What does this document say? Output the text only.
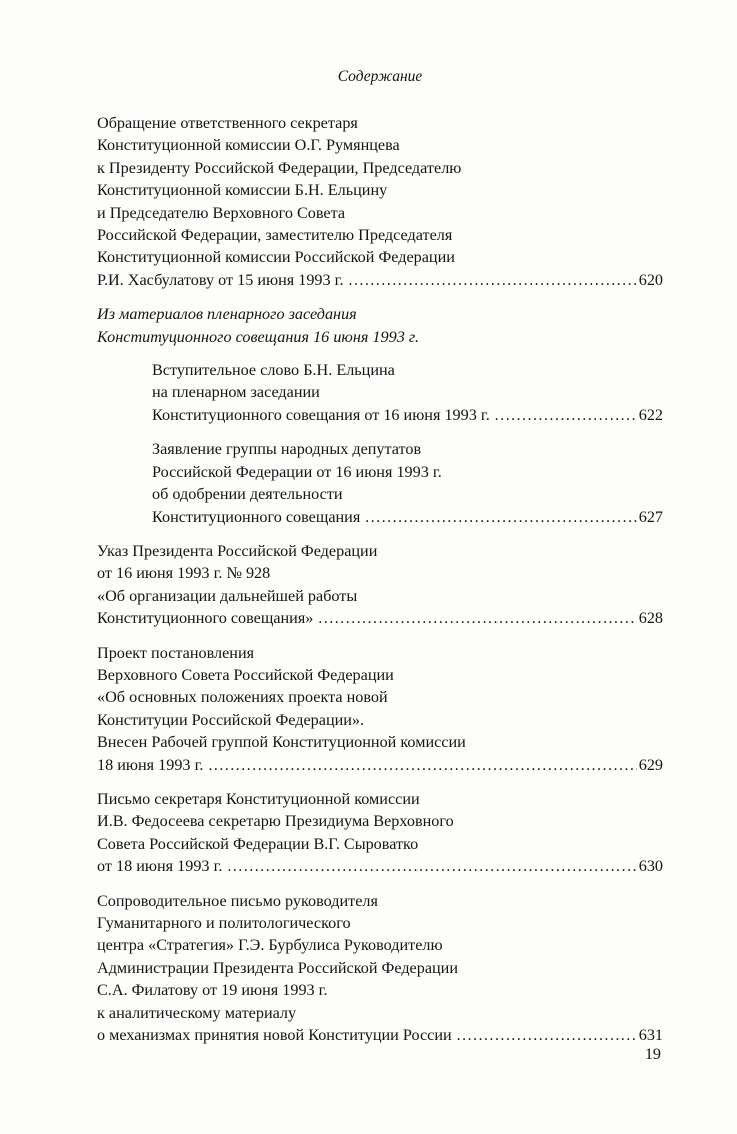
Содержание
Обращение ответственного секретаря
Конституционной комиссии О.Г. Румянцева
к Президенту Российской Федерации, Председателю
Конституционной комиссии Б.Н. Ельцину
и Председателю Верховного Совета
Российской Федерации, заместителю Председателя
Конституционной комиссии Российской Федерации
Р.И. Хасбулатову от 15 июня 1993 г. .....	620
Из материалов пленарного заседания
Конституционного совещания 16 июня 1993 г.
Вступительное слово Б.Н. Ельцина
на пленарном заседании
Конституционного совещания от 16 июня 1993 г. .....	622
Заявление группы народных депутатов
Российской Федерации от 16 июня 1993 г.
об одобрении деятельности
Конституционного совещания .....	627
Указ Президента Российской Федерации
от 16 июня 1993 г. № 928
«Об организации дальнейшей работы
Конституционного совещания» .....	628
Проект постановления
Верховного Совета Российской Федерации
«Об основных положениях проекта новой
Конституции Российской Федерации».
Внесен Рабочей группой Конституционной комиссии
18 июня 1993 г. .....	629
Письмо секретаря Конституционной комиссии
И.В. Федосеева секретарю Президиума Верховного
Совета Российской Федерации В.Г. Сыроватко
от 18 июня 1993 г. .....	630
Сопроводительное письмо руководителя
Гуманитарного и политологического
центра «Стратегия» Г.Э. Бурбулиса Руководителю
Администрации Президента Российской Федерации
С.А. Филатову от 19 июня 1993 г.
к аналитическому материалу
о механизмах принятия новой Конституции России .....	631
19
